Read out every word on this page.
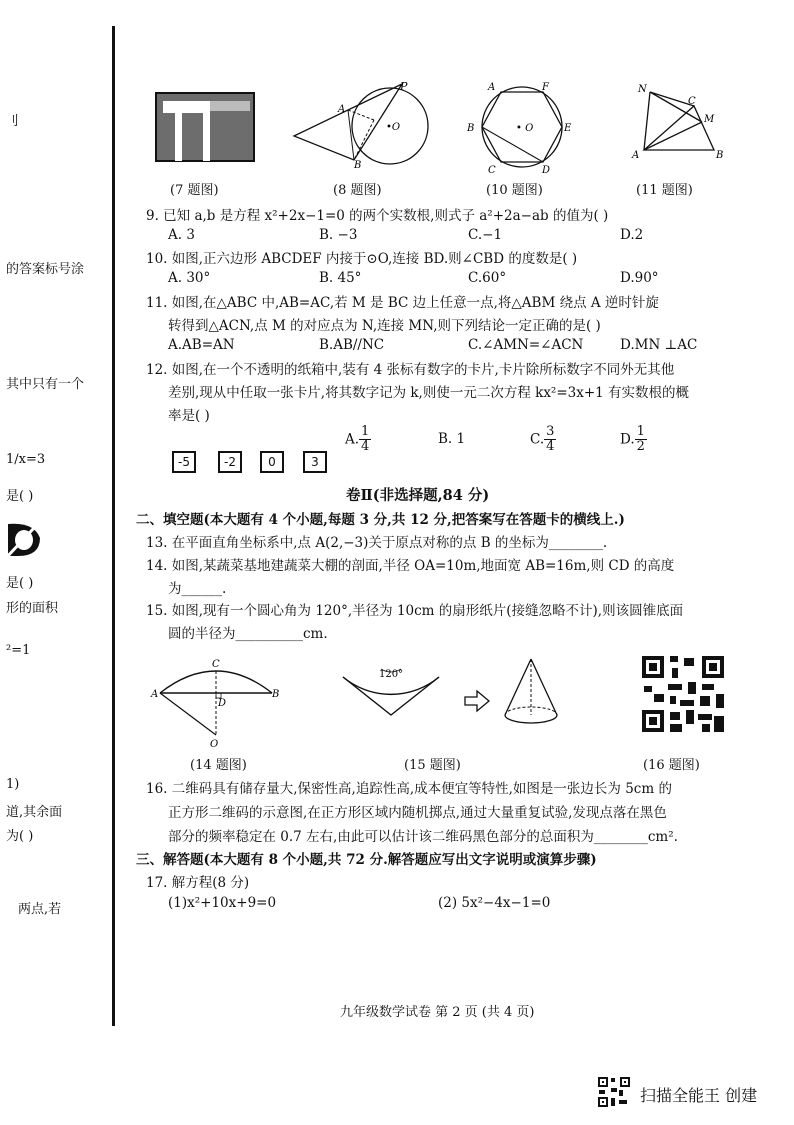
刂
的答案标号涂
其中只有一个
1/x=3
是( )
是( )
形的面积
²=1
1)
道,其余面
为( )
两点,若
(7 题图)
P
A
B
•O
(8 题图)
A	F
B	• O	E
C	D
(10 题图)
N
C
M
A	B
(11 题图)
9. 已知 a,b 是方程 x²+2x−1=0 的两个实数根,则式子 a²+2a−ab 的值为( )
A. 3	B. −3	C.−1	D.2
10. 如图,正六边形 ABCDEF 内接于⊙O,连接 BD.则∠CBD 的度数是( )
A. 30°	B. 45°	C.60°	D.90°
11. 如图,在△ABC 中,AB=AC,若 M 是 BC 边上任意一点,将△ABM 绕点 A 逆时针旋
转得到△ACN,点 M 的对应点为 N,连接 MN,则下列结论一定正确的是( )
A.AB=AN	B.AB//NC	C.∠AMN=∠ACN	D.MN ⊥AC
12. 如图,在一个不透明的纸箱中,装有 4 张标有数字的卡片,卡片除所标数字不同外无其他
差别,现从中任取一张卡片,将其数字记为 k,则使一元二次方程 kx²=3x+1 有实数根的概
率是( )
-5	-2	0	3
A. $\frac{1}{4}$	B. 1	C. $\frac{3}{4}$	D. $\frac{1}{2}$
卷Ⅱ(非选择题,84 分)
二、填空题(本大题有 4 个小题,每题 3 分,共 12 分,把答案写在答题卡的横线上.)
13. 在平面直角坐标系中,点 A(2,−3)关于原点对称的点 B 的坐标为________.
14. 如图,某蔬菜基地建蔬菜大棚的剖面,半径 OA=10m,地面宽 AB=16m,则 CD 的高度
为______.
15. 如图,现有一个圆心角为 120°,半径为 10cm 的扇形纸片(接缝忽略不计),则该圆锥底面
圆的半径为__________cm.
C
A
D
B
O
(14 题图)
120°
(15 题图)	(16 题图)
16. 二维码具有储存量大,保密性高,追踪性高,成本便宜等特性,如图是一张边长为 5cm 的
正方形二维码的示意图,在正方形区域内随机掷点,通过大量重复试验,发现点落在黑色
部分的频率稳定在 0.7 左右,由此可以估计该二维码黑色部分的总面积为________cm².
三、解答题(本大题有 8 个小题,共 72 分.解答题应写出文字说明或演算步骤)
17. 解方程(8 分)
(1)x²+10x+9=0	(2) 5x²−4x−1=0
九年级数学试卷 第 2 页 (共 4 页)
扫描全能王 创建
